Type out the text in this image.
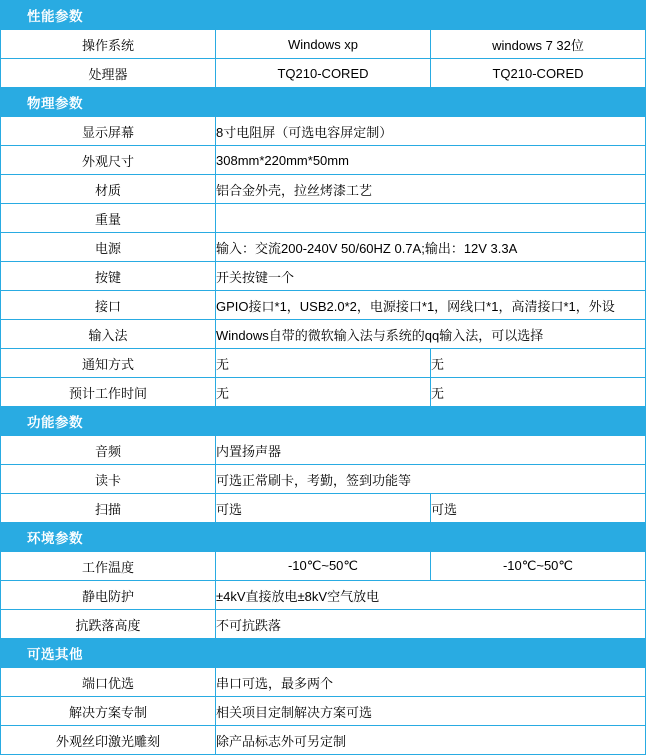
性能参数		
操作系统	Windows xp	windows 7 32位
处理器	TQ210-CORED	TQ210-CORED
物理参数		
显示屏幕	8寸电阻屏（可选电容屏定制）	
外观尺寸	308mm*220mm*50mm	
材质	铝合金外壳，拉丝烤漆工艺	
重量		
电源	输入：交流200-240V 50/60HZ 0.7A;输出：12V 3.3A	
按键	开关按键一个	
接口	GPIO接口*1，USB2.0*2，电源接口*1，网线口*1，高清接口*1，外设	
输入法	Windows自带的微软输入法与系统的qq输入法，可以选择	
通知方式	无	无
预计工作时间	无	无
功能参数		
音频	内置扬声器	
读卡	可选正常刷卡，考勤，签到功能等	
扫描	可选	可选
环境参数		
工作温度	-10℃~50℃	-10℃~50℃
静电防护	±4kV直接放电±8kV空气放电	
抗跌落高度	不可抗跌落	
可选其他		
端口优选	串口可选，最多两个	
解决方案专制	相关项目定制解决方案可选	
外观丝印激光雕刻	除产品标志外可另定制	
